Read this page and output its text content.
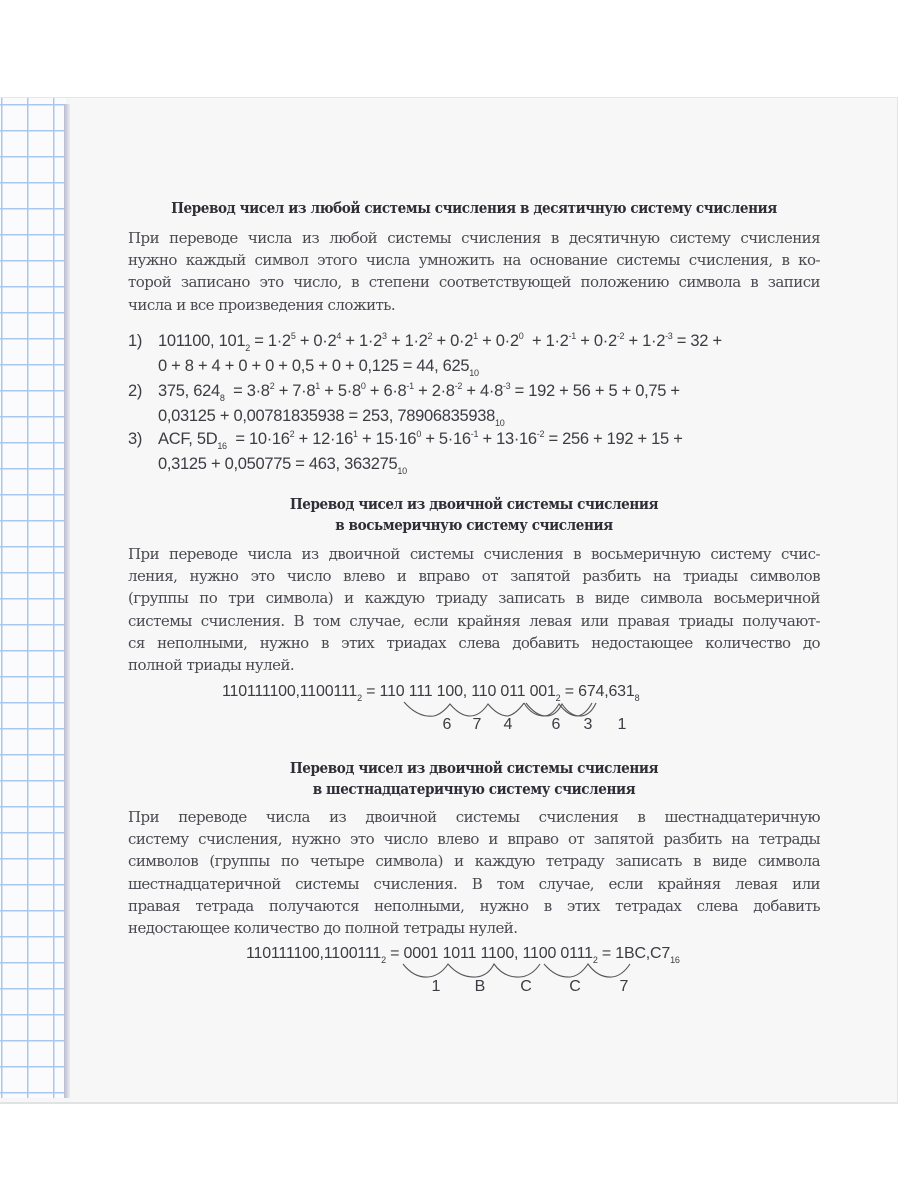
Перевод чисел из любой системы счисления в десятичную систему счисления
При переводе числа из любой системы счисления в десятичную систему счисления
нужно каждый символ этого числа умножить на основание системы счисления, в ко-
торой записано это число, в степени соответствующей положению символа в записи
числа и все произведения сложить.
1) 101100, $101_2 = 1\cdot 2^5 + 0\cdot 2^4 + 1\cdot 2^3 + 1\cdot 2^2 + 0\cdot 2^1 + 0\cdot 2^0 + 1\cdot 2^{-1} + 0\cdot 2^{-2} + 1\cdot 2^{-3} = 32$ +
0 + 8 + 4 + 0 + 0 + 0,5 + 0 + 0,125 = 44, $625_{10}$
2) 375, $624_8 = 3\cdot 8^2 + 7\cdot 8^1 + 5\cdot 8^0 + 6\cdot 8^{-1} + 2\cdot 8^{-2} + 4\cdot 8^{-3} = 192 + 56 + 5 + 0,75$ +
0,03125 + 0,00781835938 = 253, $78906835938_{10}$
3) ACF, $5D_{16} = 10\cdot 16^2 + 12\cdot 16^1 + 15\cdot 16^0 + 5\cdot 16^{-1} + 13\cdot 16^{-2} = 256 + 192 + 15$ +
0,3125 + 0,050775 = 463, $363275_{10}$
Перевод чисел из двоичной системы счисления
в восьмеричную систему счисления
При переводе числа из двоичной системы счисления в восьмеричную систему счис-
ления, нужно это число влево и вправо от запятой разбить на триады символов
(группы по три символа) и каждую триаду записать в виде символа восьмеричной
системы счисления. В том случае, если крайняя левая или правая триады получают-
ся неполными, нужно в этих триадах слева добавить недостающее количество до
полной триады нулей.
$110111100,1100111_2 = 110$ 111 100, 110 011 $001_2 = 674,631_8$
6 7 4 6 3 1
Перевод чисел из двоичной системы счисления
в шестнадцатеричную систему счисления
При переводе числа из двоичной системы счисления в шестнадцатеричную
систему счисления, нужно это число влево и вправо от запятой разбить на тетрады
символов (группы по четыре символа) и каждую тетраду записать в виде символа
шестнадцатеричной системы счисления. В том случае, если крайняя левая или
правая тетрада получаются неполными, нужно в этих тетрадах слева добавить
недостающее количество до полной тетрады нулей.
$110111100,1100111_2 = 0001$ 1011 1100, 1100 $0111_2 = 1BC,C7_{16}$
1 B C C 7
